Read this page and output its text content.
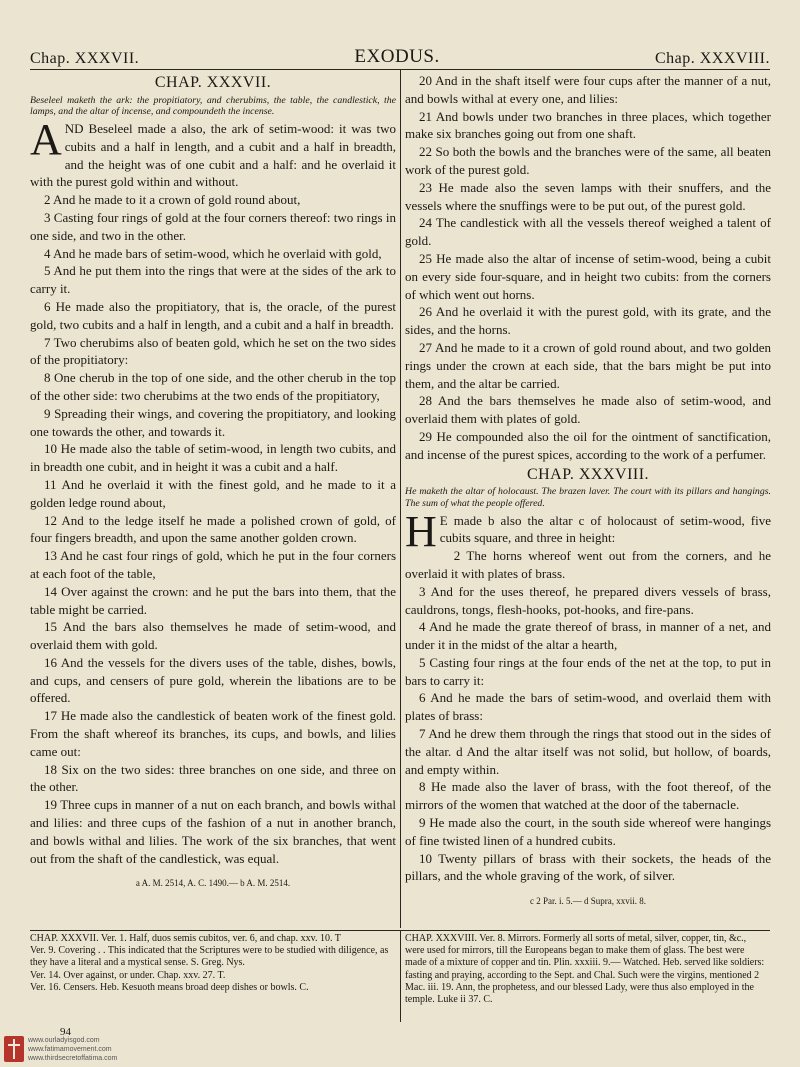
Chap. XXXVII.	EXODUS.	Chap. XXXVIII.
CHAP. XXXVII.
Beseleel maketh the ark: the propitiatory, and cherubims, the table, the candlestick, the lamps, and the altar of incense, and compoundeth the incense.

AND Beseleel made a also, the ark of setim-wood: it was two cubits and a half in length, and a cubit and a half in breadth, and the height was of one cubit and a half: and he overlaid it with the purest gold within and without.

2 And he made to it a crown of gold round about,

3 Casting four rings of gold at the four corners thereof: two rings in one side, and two in the other.

4 And he made bars of setim-wood, which he overlaid with gold,

5 And he put them into the rings that were at the sides of the ark to carry it.

6 He made also the propitiatory, that is, the oracle, of the purest gold, two cubits and a half in length, and a cubit and a half in breadth.

7 Two cherubims also of beaten gold, which he set on the two sides of the propitiatory:

8 One cherub in the top of one side, and the other cherub in the top of the other side: two cherubims at the two ends of the propitiatory,

9 Spreading their wings, and covering the propitiatory, and looking one towards the other, and towards it.

10 He made also the table of setim-wood, in length two cubits, and in breadth one cubit, and in height it was a cubit and a half.

11 And he overlaid it with the finest gold, and he made to it a golden ledge round about,

12 And to the ledge itself he made a polished crown of gold, of four fingers breadth, and upon the same another golden crown.

13 And he cast four rings of gold, which he put in the four corners at each foot of the table,

14 Over against the crown: and he put the bars into them, that the table might be carried.

15 And the bars also themselves he made of setim-wood, and overlaid them with gold.

16 And the vessels for the divers uses of the table, dishes, bowls, and cups, and censers of pure gold, wherein the libations are to be offered.

17 He made also the candlestick of beaten work of the finest gold. From the shaft whereof its branches, its cups, and bowls, and lilies came out:

18 Six on the two sides: three branches on one side, and three on the other.

19 Three cups in manner of a nut on each branch, and bowls withal and lilies: and three cups of the fashion of a nut in another branch, and bowls withal and lilies. The work of the six branches, that went out from the shaft of the candlestick, was equal.

a A. M. 2514, A. C. 1490.— b A. M. 2514.

20 And in the shaft itself were four cups after the manner of a nut, and bowls withal at every one, and lilies:

21 And bowls under two branches in three places, which together make six branches going out from one shaft.

22 So both the bowls and the branches were of the same, all beaten work of the purest gold.

23 He made also the seven lamps with their snuffers, and the vessels where the snuffings were to be put out, of the purest gold.

24 The candlestick with all the vessels thereof weighed a talent of gold.

25 He made also the altar of incense of setim-wood, being a cubit on every side four-square, and in height two cubits: from the corners of which went out horns.

26 And he overlaid it with the purest gold, with its grate, and the sides, and the horns.

27 And he made to it a crown of gold round about, and two golden rings under the crown at each side, that the bars might be put into them, and the altar be carried.

28 And the bars themselves he made also of setim-wood, and overlaid them with plates of gold.

29 He compounded also the oil for the ointment of sanctification, and incense of the purest spices, according to the work of a perfumer.

CHAP. XXXVIII.
He maketh the altar of holocaust. The brazen laver. The court with its pillars and hangings. The sum of what the people offered.

H E made b also the altar c of holocaust of setim-wood, five cubits square, and three in height:

2 The horns whereof went out from the corners, and he overlaid it with plates of brass.

3 And for the uses thereof, he prepared divers vessels of brass, cauldrons, tongs, flesh-hooks, pot-hooks, and fire-pans.

4 And he made the grate thereof of brass, in manner of a net, and under it in the midst of the altar a hearth,

5 Casting four rings at the four ends of the net at the top, to put in bars to carry it:

6 And he made the bars of setim-wood, and overlaid them with plates of brass:

7 And he drew them through the rings that stood out in the sides of the altar. d And the altar itself was not solid, but hollow, of boards, and empty within.

8 He made also the laver of brass, with the foot thereof, of the mirrors of the women that watched at the door of the tabernacle.

9 He made also the court, in the south side whereof were hangings of fine twisted linen of a hundred cubits.

10 Twenty pillars of brass with their sockets, the heads of the pillars, and the whole graving of the work, of silver.

c 2 Par. i. 5.— d Supra, xxvii. 8.

CHAP. XXXVII. Ver. 1. Half, duos semis cubitos, ver. 6, and chap. xxv. 10. T

Ver. 9. Covering . . This indicated that the Scriptures were to be studied with diligence, as they have a literal and a mystical sense. S. Greg. Nys.

Ver. 14. Over against, or under. Chap. xxv. 27. T.

Ver. 16. Censers. Heb. Kesuoth means broad deep dishes or bowls. C.

CHAP. XXXVIII. Ver. 8. Mirrors. Formerly all sorts of metal, silver, copper, tin, &c., were used for mirrors, till the Europeans began to make them of glass. The best were made of a mixture of copper and tin. Plin. xxxiii. 9.— Watched. Heb. served like soldiers: fasting and praying, according to the Sept. and Chal. Such were the virgins, mentioned 2 Mac. iii. 19. Ann, the prophetess, and our blessed Lady, were thus also employed in the temple. Luke ii 37. C.

94
www.ourladyisgod.com
www.fatimamovement.com
www.thirdsecretoffatima.com
